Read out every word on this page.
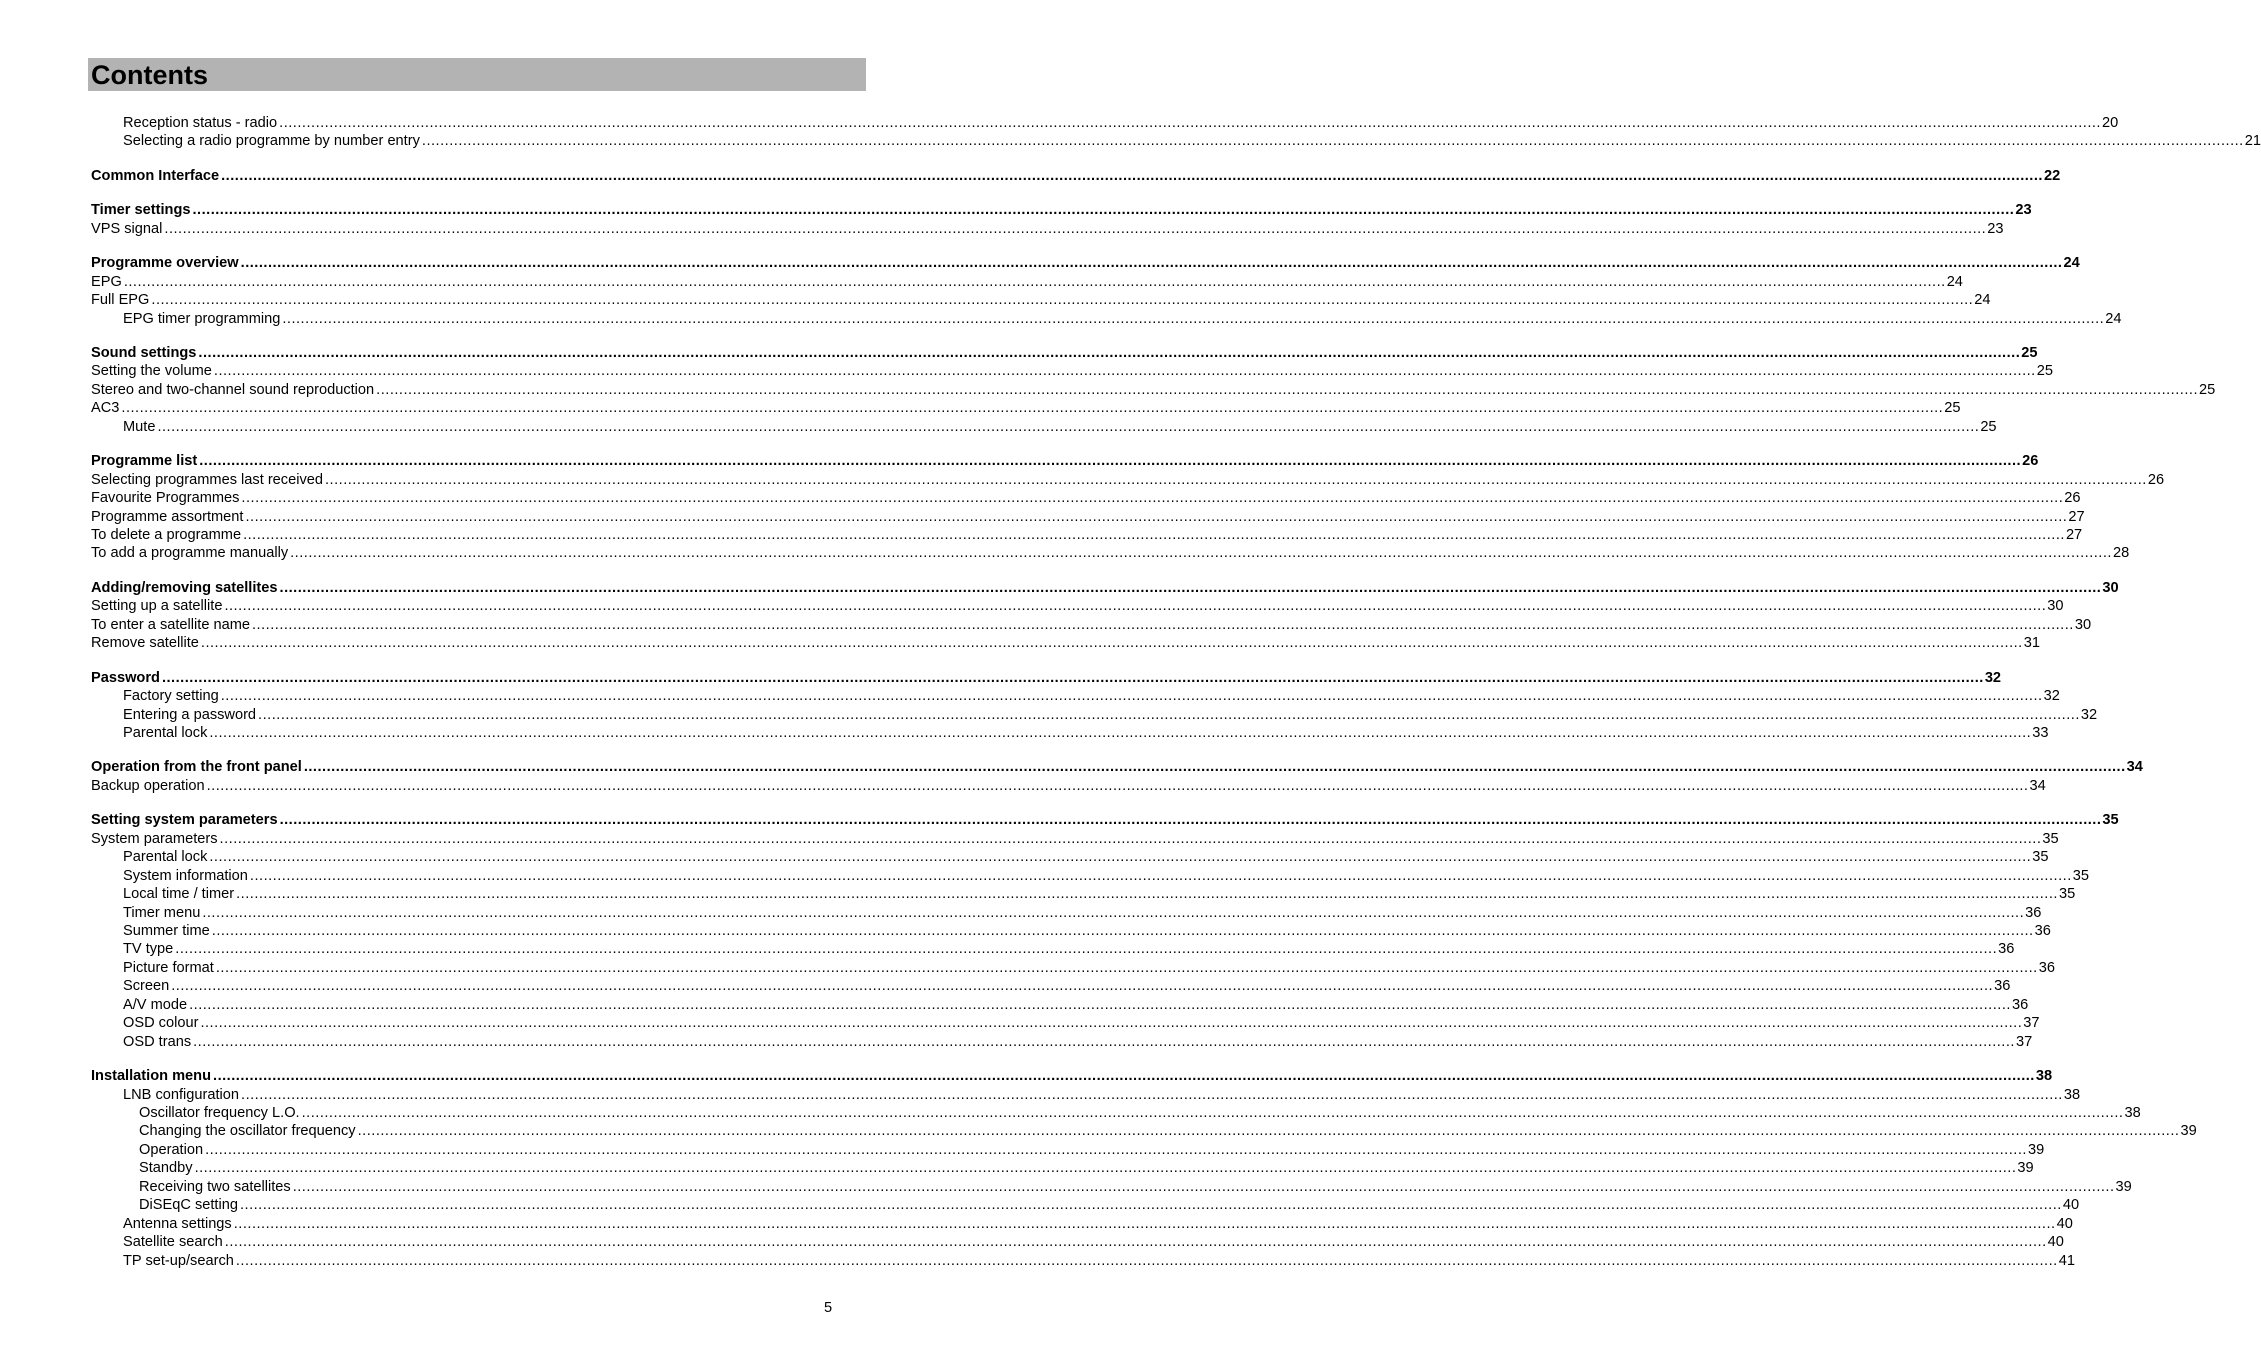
Contents
Reception status - radio ................................................................................................................................................................................................................................................................................................................................................................................................................ 20
Selecting a radio programme by number entry ................................................................................................................................................................................................................................................................................................................................................................................................................ 21
Common Interface ................................................................................................................................................................................................................................................................................................................................................................................................................ 22
Timer settings ................................................................................................................................................................................................................................................................................................................................................................................................................ 23
VPS signal ................................................................................................................................................................................................................................................................................................................................................................................................................ 23
Programme overview ................................................................................................................................................................................................................................................................................................................................................................................................................ 24
EPG ................................................................................................................................................................................................................................................................................................................................................................................................................ 24
Full EPG ................................................................................................................................................................................................................................................................................................................................................................................................................ 24
EPG timer programming ................................................................................................................................................................................................................................................................................................................................................................................................................ 24
Sound settings ................................................................................................................................................................................................................................................................................................................................................................................................................ 25
Setting the volume ................................................................................................................................................................................................................................................................................................................................................................................................................ 25
Stereo and two-channel sound reproduction ................................................................................................................................................................................................................................................................................................................................................................................................................ 25
AC3 ................................................................................................................................................................................................................................................................................................................................................................................................................ 25
Mute ................................................................................................................................................................................................................................................................................................................................................................................................................ 25
Programme list ................................................................................................................................................................................................................................................................................................................................................................................................................ 26
Selecting programmes last received ................................................................................................................................................................................................................................................................................................................................................................................................................ 26
Favourite Programmes ................................................................................................................................................................................................................................................................................................................................................................................................................ 26
Programme assortment ................................................................................................................................................................................................................................................................................................................................................................................................................ 27
To delete a programme ................................................................................................................................................................................................................................................................................................................................................................................................................ 27
To add a programme manually ................................................................................................................................................................................................................................................................................................................................................................................................................ 28
Adding/removing satellites ................................................................................................................................................................................................................................................................................................................................................................................................................ 30
Setting up a satellite ................................................................................................................................................................................................................................................................................................................................................................................................................ 30
To enter a satellite name ................................................................................................................................................................................................................................................................................................................................................................................................................ 30
Remove satellite ................................................................................................................................................................................................................................................................................................................................................................................................................ 31
Password ................................................................................................................................................................................................................................................................................................................................................................................................................ 32
Factory setting ................................................................................................................................................................................................................................................................................................................................................................................................................ 32
Entering a password ................................................................................................................................................................................................................................................................................................................................................................................................................ 32
Parental lock ................................................................................................................................................................................................................................................................................................................................................................................................................ 33
Operation from the front panel ................................................................................................................................................................................................................................................................................................................................................................................................................ 34
Backup operation ................................................................................................................................................................................................................................................................................................................................................................................................................ 34
Setting system parameters ................................................................................................................................................................................................................................................................................................................................................................................................................ 35
System parameters ................................................................................................................................................................................................................................................................................................................................................................................................................ 35
Parental lock ................................................................................................................................................................................................................................................................................................................................................................................................................ 35
System information ................................................................................................................................................................................................................................................................................................................................................................................................................ 35
Local time / timer ................................................................................................................................................................................................................................................................................................................................................................................................................ 35
Timer menu ................................................................................................................................................................................................................................................................................................................................................................................................................ 36
Summer time ................................................................................................................................................................................................................................................................................................................................................................................................................ 36
TV type ................................................................................................................................................................................................................................................................................................................................................................................................................ 36
Picture format ................................................................................................................................................................................................................................................................................................................................................................................................................ 36
Screen ................................................................................................................................................................................................................................................................................................................................................................................................................ 36
A/V mode ................................................................................................................................................................................................................................................................................................................................................................................................................ 36
OSD colour ................................................................................................................................................................................................................................................................................................................................................................................................................ 37
OSD trans ................................................................................................................................................................................................................................................................................................................................................................................................................ 37
Installation menu ................................................................................................................................................................................................................................................................................................................................................................................................................ 38
LNB configuration ................................................................................................................................................................................................................................................................................................................................................................................................................ 38
Oscillator frequency L.O. ................................................................................................................................................................................................................................................................................................................................................................................................................ 38
Changing the oscillator frequency ................................................................................................................................................................................................................................................................................................................................................................................................................ 39
Operation ................................................................................................................................................................................................................................................................................................................................................................................................................ 39
Standby ................................................................................................................................................................................................................................................................................................................................................................................................................ 39
Receiving two satellites ................................................................................................................................................................................................................................................................................................................................................................................................................ 39
DiSEqC setting ................................................................................................................................................................................................................................................................................................................................................................................................................ 40
Antenna settings ................................................................................................................................................................................................................................................................................................................................................................................................................ 40
Satellite search ................................................................................................................................................................................................................................................................................................................................................................................................................ 40
TP set-up/search ................................................................................................................................................................................................................................................................................................................................................................................................................ 41
5
